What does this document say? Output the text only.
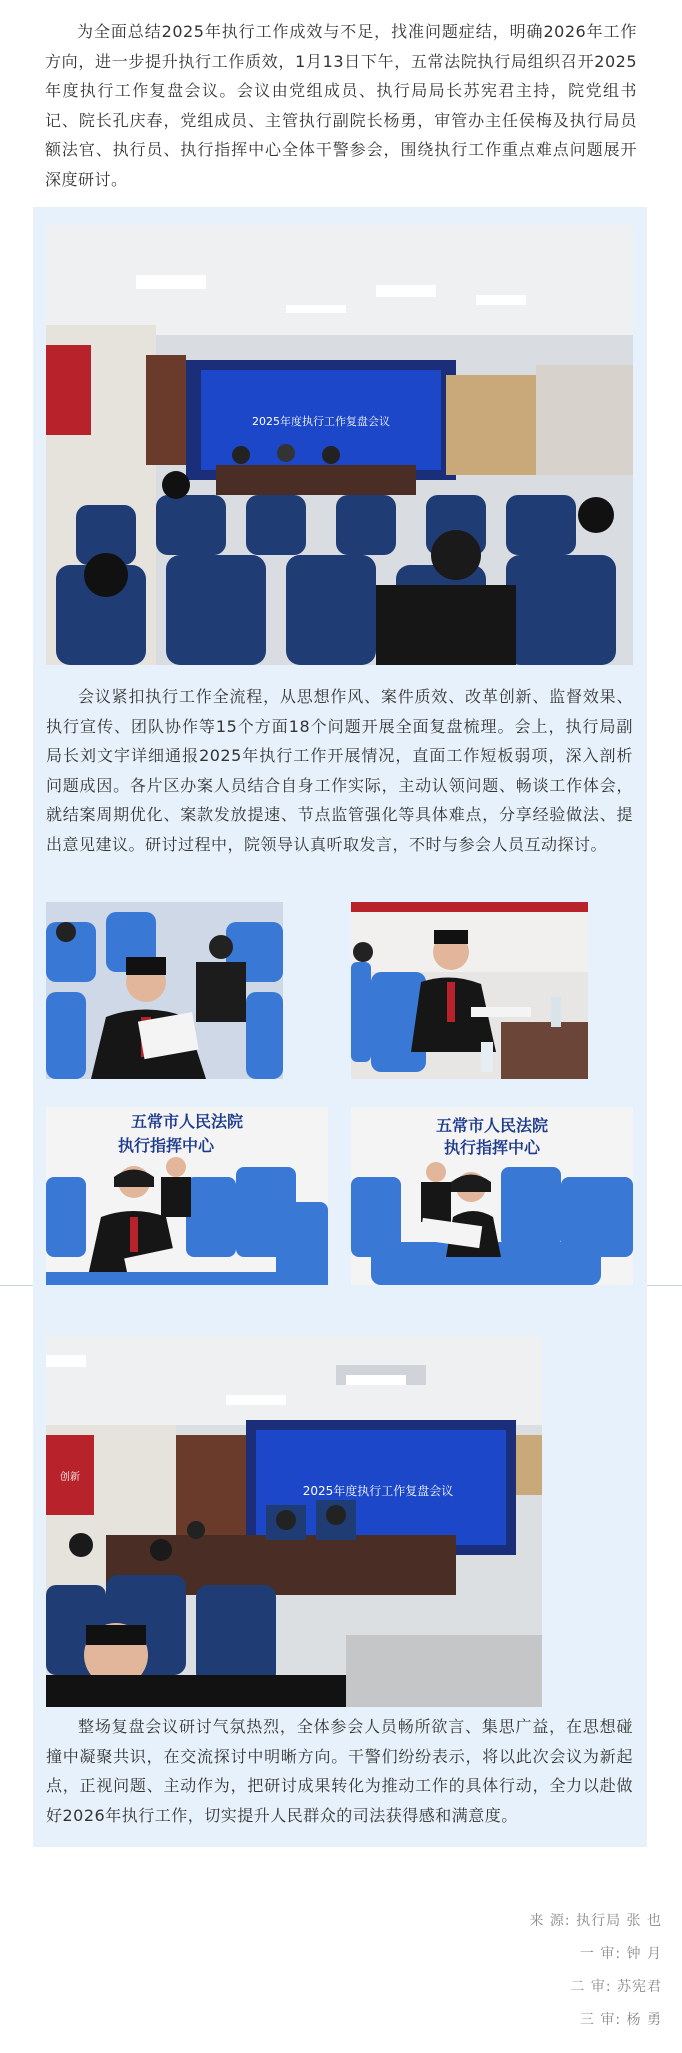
为全面总结2025年执行工作成效与不足，找准问题症结，明确2026年工作方向，进一步提升执行工作质效，1月13日下午，五常法院执行局组织召开2025年度执行工作复盘会议。会议由党组成员、执行局局长苏宪君主持，院党组书记、院长孔庆春，党组成员、主管执行副院长杨勇，审管办主任侯梅及执行局员额法官、执行员、执行指挥中心全体干警参会，围绕执行工作重点难点问题展开深度研讨。

2025年度执行工作复盘会议

会议紧扣执行工作全流程，从思想作风、案件质效、改革创新、监督效果、执行宣传、团队协作等15个方面18个问题开展全面复盘梳理。会上，执行局副局长刘文宇详细通报2025年执行工作开展情况，直面工作短板弱项，深入剖析问题成因。各片区办案人员结合自身工作实际，主动认领问题、畅谈工作体会，就结案周期优化、案款发放提速、节点监管强化等具体难点，分享经验做法、提出意见建议。研讨过程中，院领导认真听取发言，不时与参会人员互动探讨。

五常市人民法院
执行指挥中心
五常市人民法院
执行指挥中心
创新
2025年度执行工作复盘会议

整场复盘会议研讨气氛热烈，全体参会人员畅所欲言、集思广益，在思想碰撞中凝聚共识，在交流探讨中明晰方向。干警们纷纷表示，将以此次会议为新起点，正视问题、主动作为，把研讨成果转化为推动工作的具体行动，全力以赴做好2026年执行工作，切实提升人民群众的司法获得感和满意度。

来 源: 执行局 张 也
一 审: 钟 月
二 审: 苏宪君
三 审: 杨 勇
